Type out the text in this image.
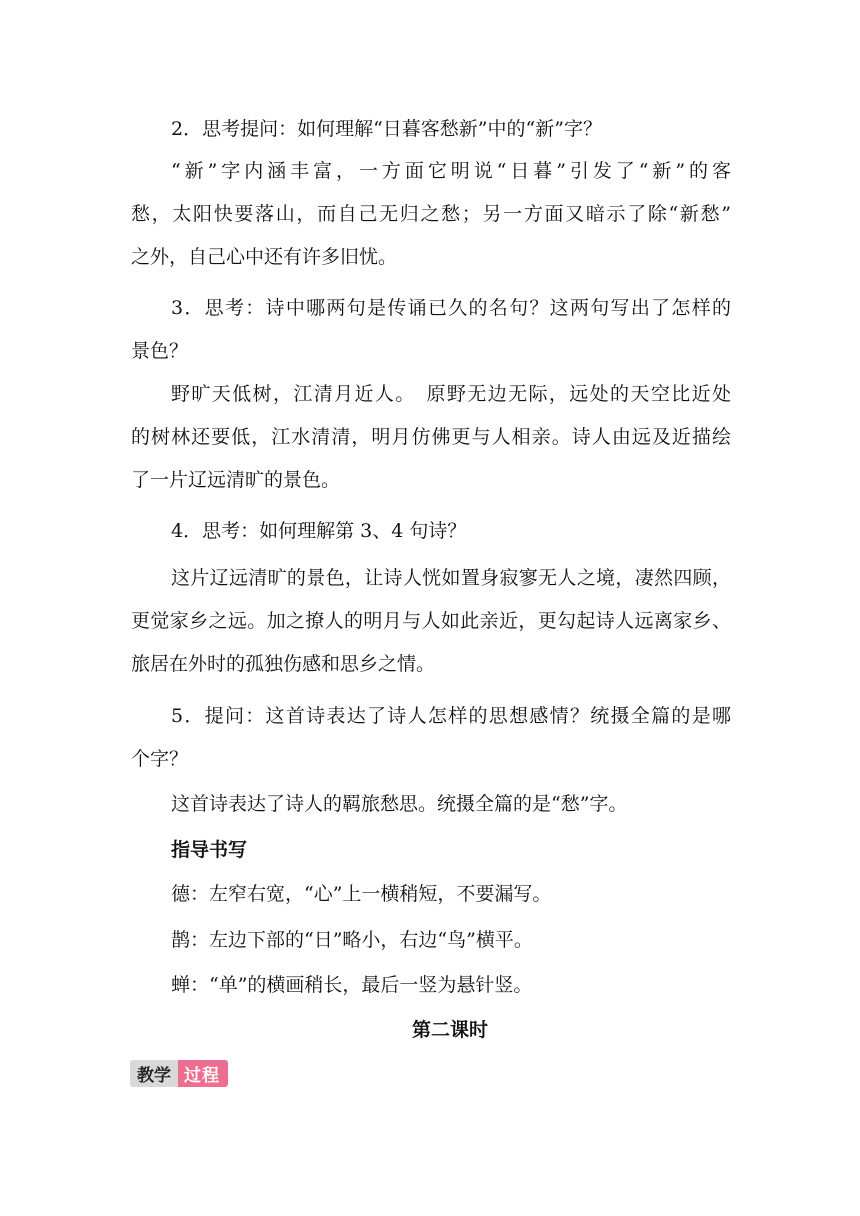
2．思考提问：如何理解“日暮客愁新”中的“新”字？
“新”字内涵丰富，一方面它明说“日暮”引发了“新”的客
愁，太阳快要落山，而自己无归之愁；另一方面又暗示了除“新愁”
之外，自己心中还有许多旧忧。
3．思考：诗中哪两句是传诵已久的名句？这两句写出了怎样的
景色？
野旷天低树，江清月近人。　原野无边无际，远处的天空比近处
的树林还要低，江水清清，明月仿佛更与人相亲。诗人由远及近描绘
了一片辽远清旷的景色。
4．思考：如何理解第 3、4 句诗？
这片辽远清旷的景色，让诗人恍如置身寂寥无人之境，凄然四顾，
更觉家乡之远。加之撩人的明月与人如此亲近，更勾起诗人远离家乡、
旅居在外时的孤独伤感和思乡之情。
5．提问：这首诗表达了诗人怎样的思想感情？统摄全篇的是哪
个字？
这首诗表达了诗人的羁旅愁思。统摄全篇的是“愁”字。
指导书写
德：左窄右宽，“心”上一横稍短，不要漏写。
鹊：左边下部的“日”略小，右边“鸟”横平。
蝉：“单”的横画稍长，最后一竖为悬针竖。
第二课时
教学 过程
